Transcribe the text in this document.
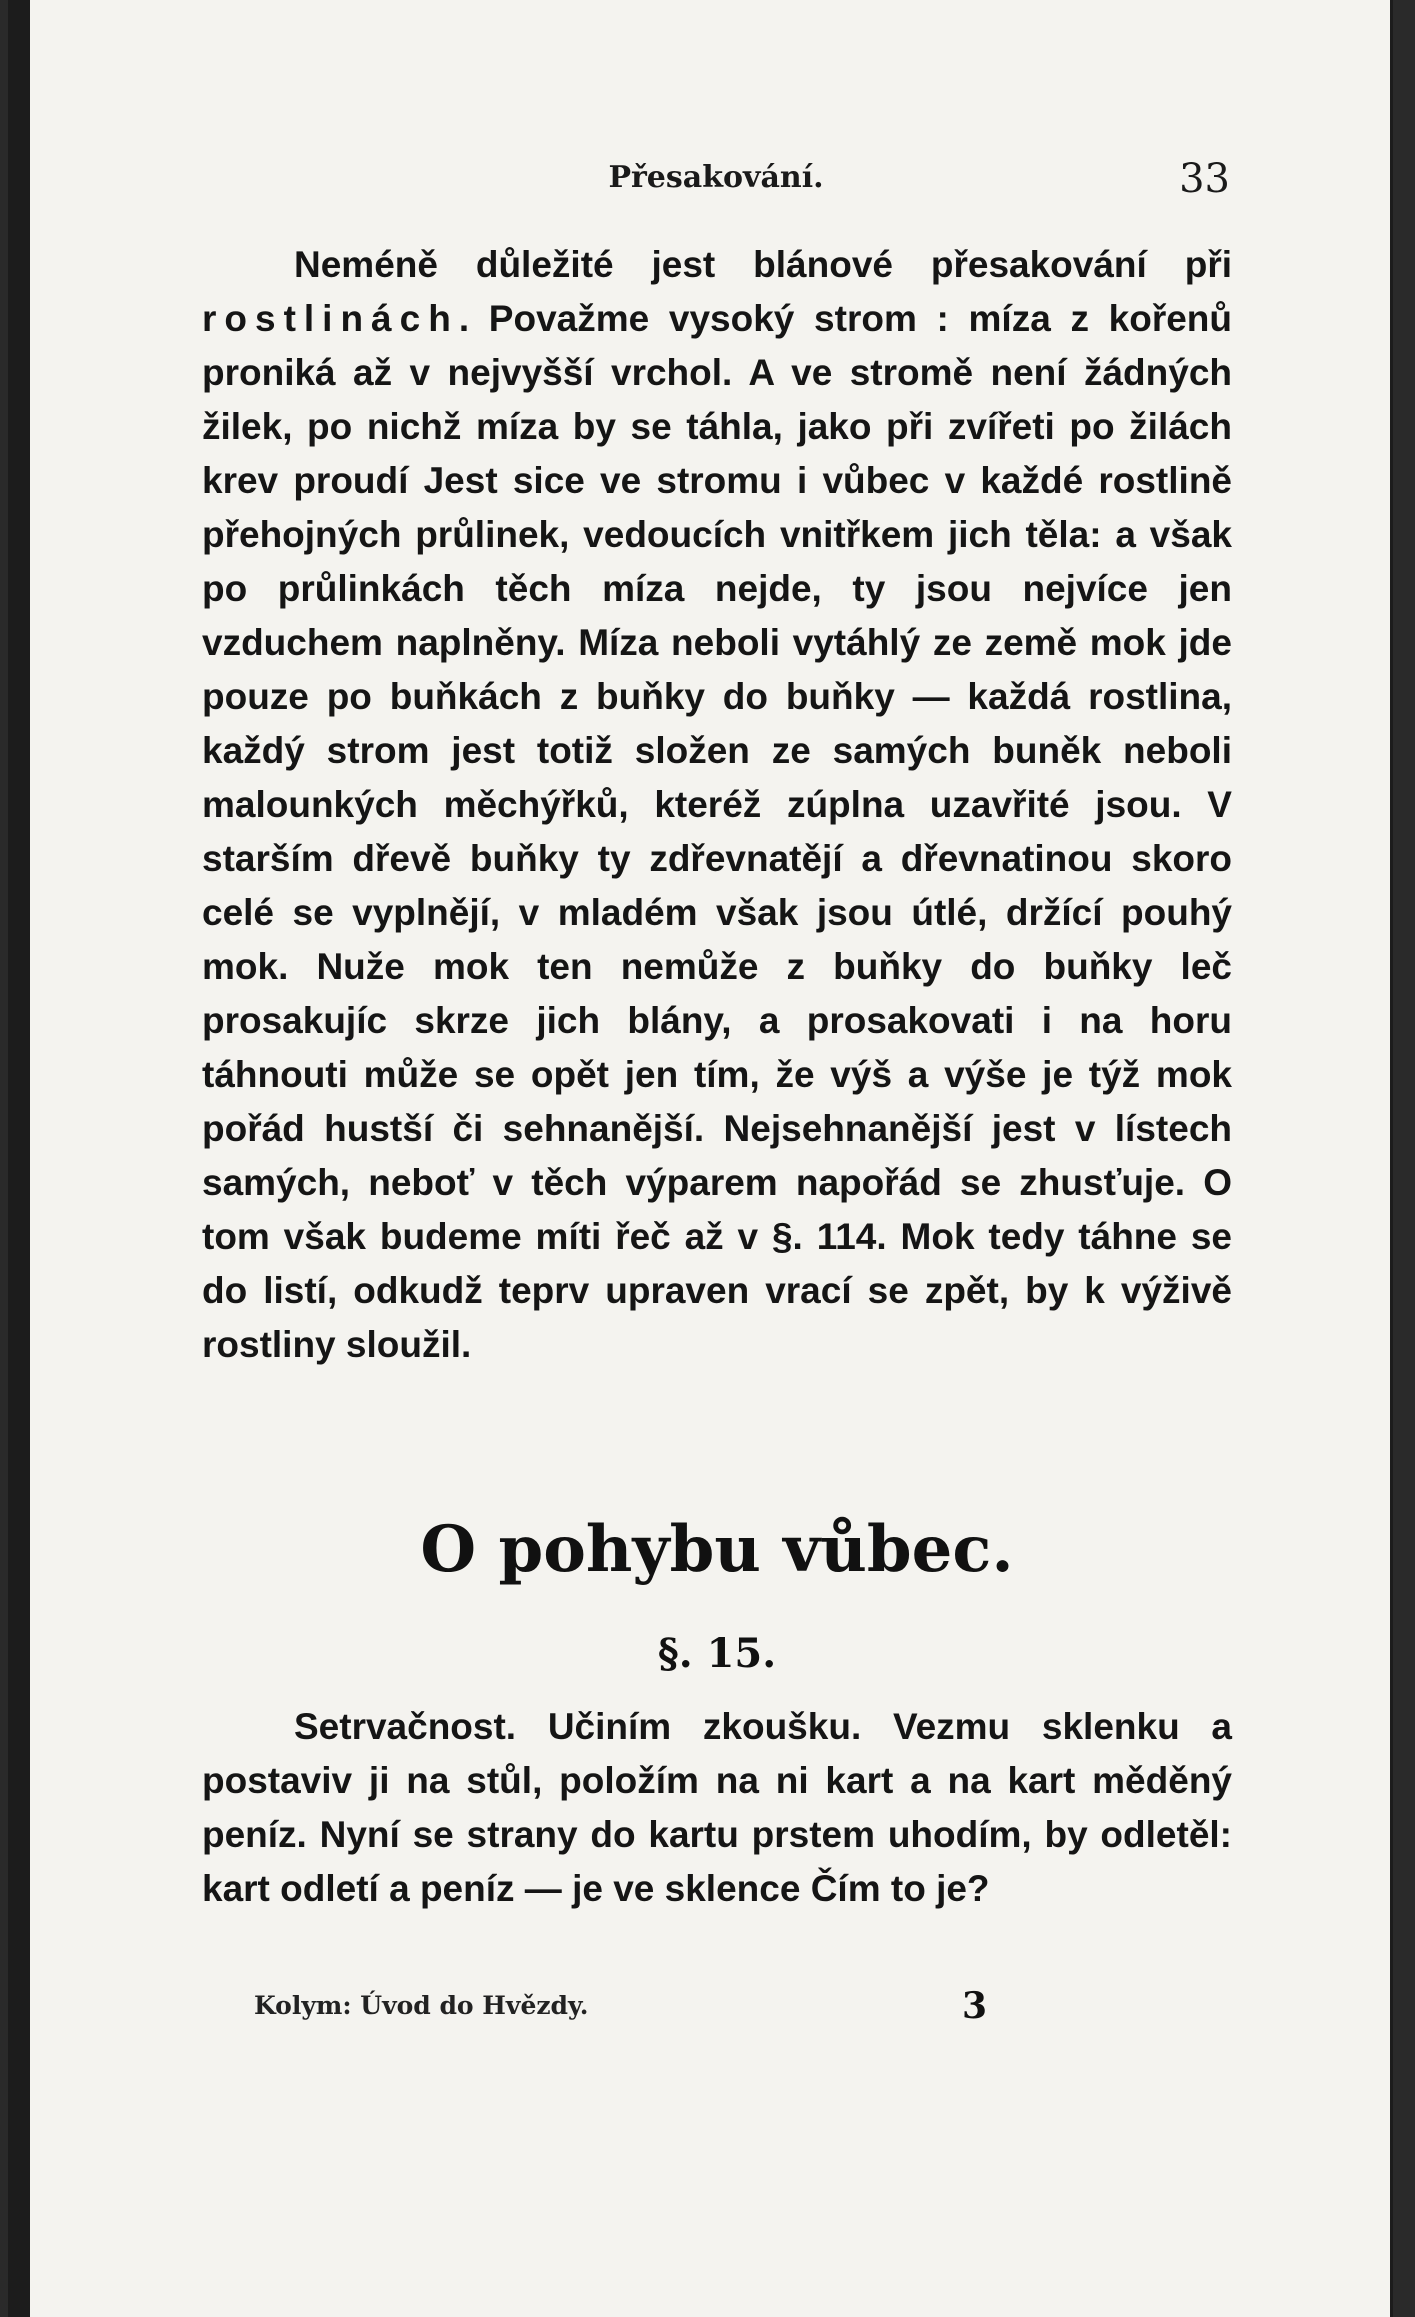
Přesakování.	33

Neméně důležité jest blánové přesakování při rostlinách. Považme vysoký strom : míza z kořenů proniká až v nejvyšší vrchol. A ve stromě není žádných žilek, po nichž míza by se táhla, jako při zvířeti po žilách krev proudí Jest sice ve stromu i vůbec v každé rostlině přehojných průlinek, vedoucích vnitřkem jich těla: a však po průlinkách těch míza nejde, ty jsou nejvíce jen vzduchem naplněny. Míza neboli vytáhlý ze země mok jde pouze po buňkách z buňky do buňky — každá rostlina, každý strom jest totiž složen ze samých buněk neboli malounkých měchýřků, kteréž zúplna uzavřité jsou. V starším dřevě buňky ty zdřevnatějí a dřevnatinou skoro celé se vyplnějí, v mladém však jsou útlé, držící pouhý mok. Nuže mok ten nemůže z buňky do buňky leč prosakujíc skrze jich blány, a prosakovati i na horu táhnouti může se opět jen tím, že výš a výše je týž mok pořád hustší či sehnanější. Nejsehnanější jest v lístech samých, neboť v těch výparem napořád se zhusťuje. O tom však budeme míti řeč až v §. 114. Mok tedy táhne se do listí, odkudž teprv upraven vrací se zpět, by k výživě rostliny sloužil.

O pohybu vůbec.
§. 15.

Setrvačnost. Učiním zkoušku. Vezmu sklenku a postaviv ji na stůl, položím na ni kart a na kart měděný peníz. Nyní se strany do kartu prstem uhodím, by odletěl: kart odletí a peníz — je ve sklence Čím to je?

Kolym: Úvod do Hvězdy.	3
